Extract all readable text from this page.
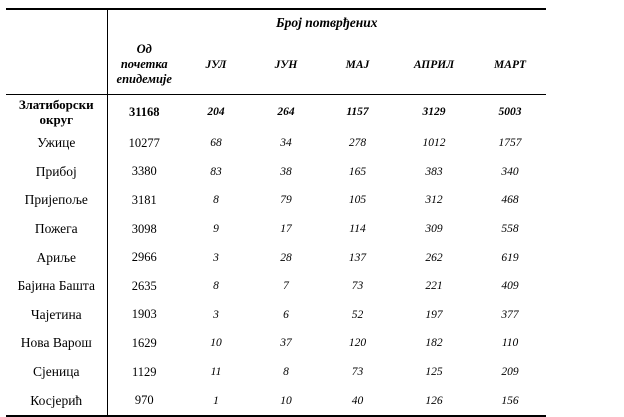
	Број потврђених					
	Од
почетка
епидемије	ЈУЛ	ЈУН	МАЈ	АПРИЛ	МАРТ
Златиборски
округ	31168	204	264	1157	3129	5003
Ужице	10277	68	34	278	1012	1757
Прибој	3380	83	38	165	383	340
Пријепоље	3181	8	79	105	312	468
Пожега	3098	9	17	114	309	558
Ариље	2966	3	28	137	262	619
Бајина Башта	2635	8	7	73	221	409
Чајетина	1903	3	6	52	197	377
Нова Варош	1629	10	37	120	182	110
Сјеница	1129	11	8	73	125	209
Косјерић	970	1	10	40	126	156
